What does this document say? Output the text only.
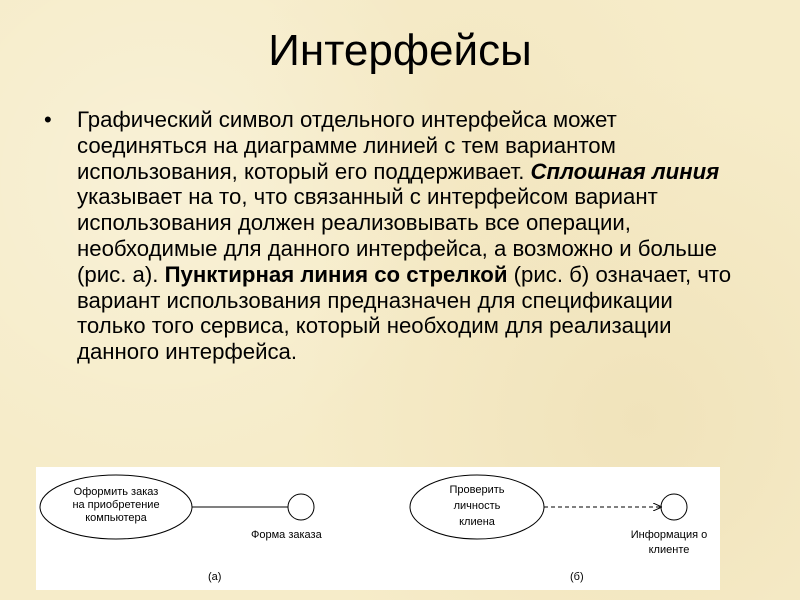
Интерфейсы
• Графический символ отдельного интерфейса может соединяться на диаграмме линией с тем вариантом использования, который его поддерживает. Сплошная линия указывает на то, что связанный с интерфейсом вариант использования должен реализовывать все операции, необходимые для данного интерфейса, а возможно и больше (рис. а). Пунктирная линия со стрелкой (рис. б) означает, что вариант использования предназначен для спецификации только того сервиса, который необходим для реализации данного интерфейса.
Оформить заказ
на приобретение
компьютера
Форма заказа
(а)
Проверить
личность
клиена
Информация о
клиенте
(б)
